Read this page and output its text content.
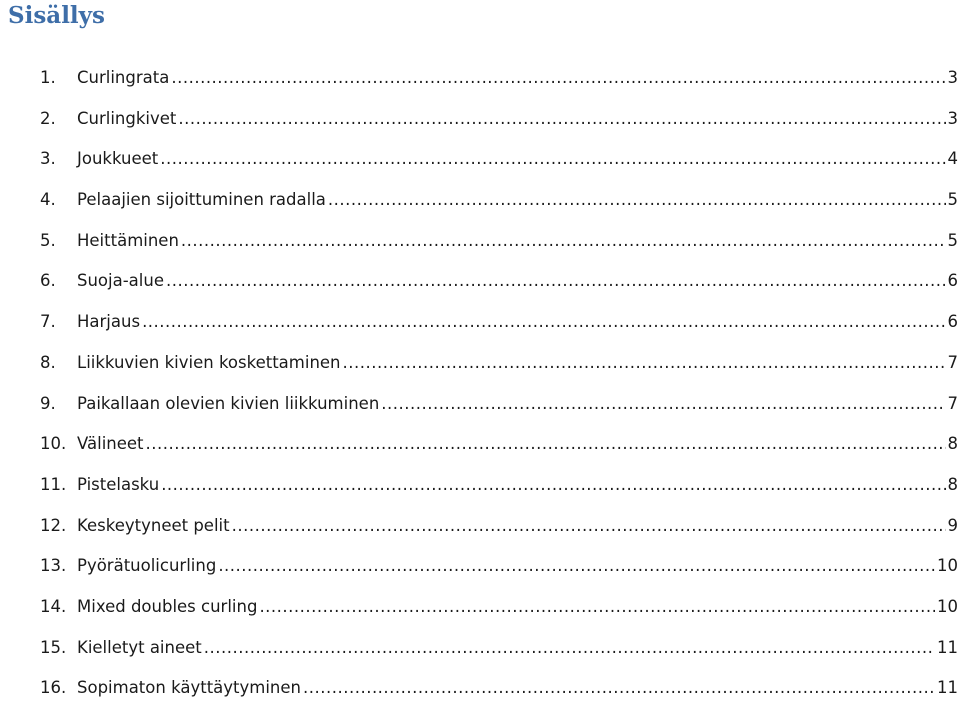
Sisällys
1.	Curlingrata .....	3
2.	Curlingkivet .....	3
3.	Joukkueet .....	4
4.	Pelaajien sijoittuminen radalla .....	5
5.	Heittäminen .....	5
6.	Suoja-alue .....	6
7.	Harjaus .....	6
8.	Liikkuvien kivien koskettaminen .....	7
9.	Paikallaan olevien kivien liikkuminen .....	7
10. Välineet .....	8
11. Pistelasku .....	8
12. Keskeytyneet pelit .....	9
13. Pyörätuolicurling .....	10
14. Mixed doubles curling .....	10
15. Kielletyt aineet .....	11
16. Sopimaton käyttäytyminen .....	11
